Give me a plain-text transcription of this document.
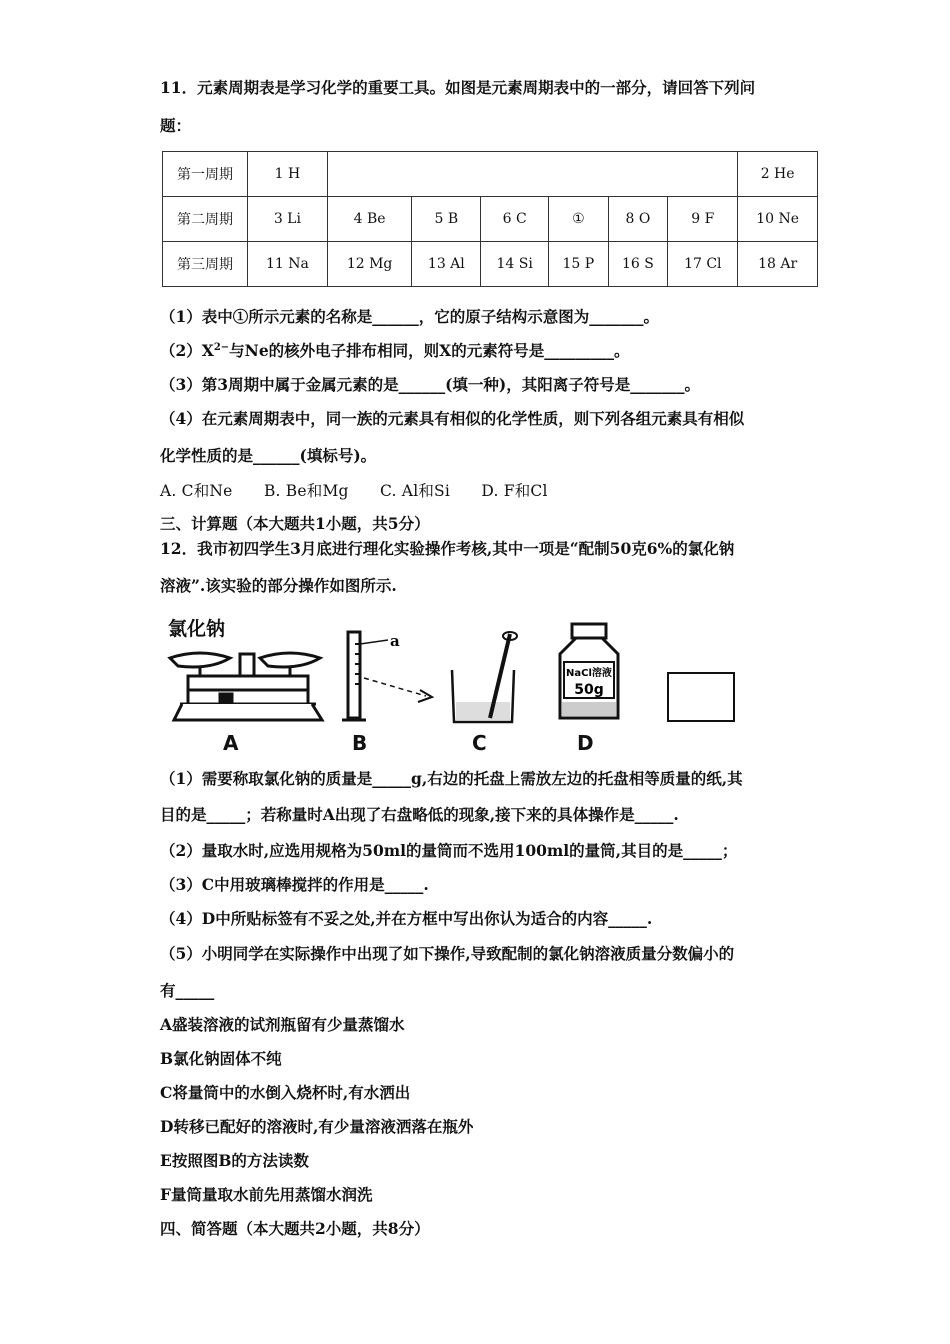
11．元素周期表是学习化学的重要工具。如图是元素周期表中的一部分，请回答下列问
题：
第一周期	1 H							2 He
第二周期	3 Li	4 Be	5 B	6 C	①	8 O	9 F	10 Ne
第三周期	11 Na	12 Mg	13 Al	14 Si	15 P	16 S	17 Cl	18 Ar
（1）表中①所示元素的名称是______，它的原子结构示意图为_______。
$(2)X^{2-}$与Ne的核外电子排布相同，则X的元素符号是_________。
（3）第3周期中属于金属元素的是______(填一种)，其阳离子符号是_______。
（4）在元素周期表中，同一族的元素具有相似的化学性质，则下列各组元素具有相似
化学性质的是______(填标号)。
A. C和Ne　　B. Be和Mg　　C. Al和Si　　D. F和Cl
三、计算题（本大题共1小题，共5分）
12．我市初四学生3月底进行理化实验操作考核,其中一项是“配制50克6%的氯化钠
溶液”.该实验的部分操作如图所示.
氯化钠
a
NaCl溶液
50g
A	B	C	D
（1）需要称取氯化钠的质量是_____g,右边的托盘上需放左边的托盘相等质量的纸,其
目的是_____；若称量时A出现了右盘略低的现象,接下来的具体操作是_____.
（2）量取水时,应选用规格为50ml的量筒而不选用100ml的量筒,其目的是_____；
（3）C中用玻璃棒搅拌的作用是_____.
（4）D中所贴标签有不妥之处,并在方框中写出你认为适合的内容_____.
（5）小明同学在实际操作中出现了如下操作,导致配制的氯化钠溶液质量分数偏小的
有_____
A盛装溶液的试剂瓶留有少量蒸馏水
B氯化钠固体不纯
C将量筒中的水倒入烧杯时,有水洒出
D转移已配好的溶液时,有少量溶液洒落在瓶外
E按照图B的方法读数
F量筒量取水前先用蒸馏水润洗
四、简答题（本大题共2小题，共8分）
